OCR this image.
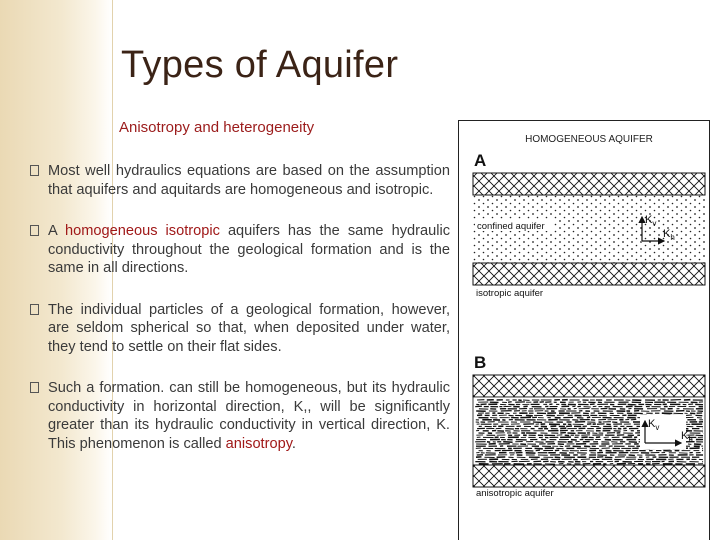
Types of Aquifer
Anisotropy and heterogeneity
Most well hydraulics equations are based on the assumption that aquifers and aquitards are homogeneous and isotropic.
A homogeneous isotropic aquifers has the same hydraulic conductivity throughout the geological formation and is the same in all directions.
The individual particles of a geological formation, however, are seldom spherical so that, when deposited under water, they tend to settle on their flat sides.
Such a formation. can still be homogeneous, but its hydraulic conductivity in horizontal direction, K,, will be significantly greater than its hydraulic conductivity in vertical direction, K. This phenomenon is called anisotropy.
HOMOGENEOUS AQUIFER
A
confined aquifer
$K_v$
$K_h$
isotropic aquifer
B
$K_v$
$K_h$
anisotropic aquifer
